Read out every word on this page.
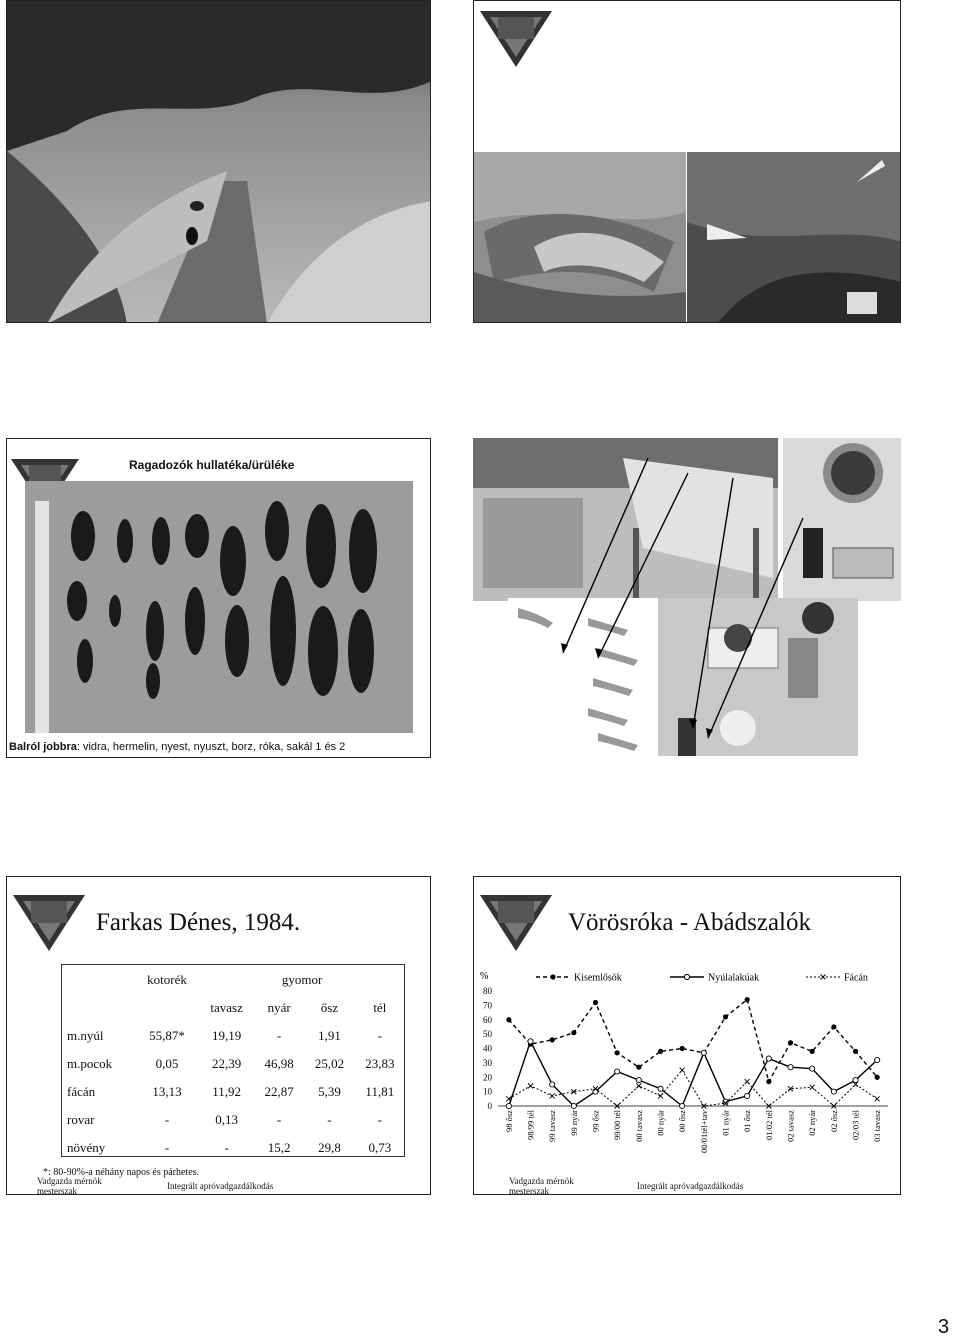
Ragadozók hullatéka/ürüléke
Balról jobbra: vidra, hermelin, nyest, nyuszt, borz, róka, sakál 1 és 2
Farkas Dénes, 1984.
	kotorék	gyomor			
		tavasz	nyár	ősz	tél
m.nyúl	55,87*	19,19	-	1,91	-
m.pocok	0,05	22,39	46,98	25,02	23,83
fácán	13,13	11,92	22,87	5,39	11,81
rovar	-	0,13	-	-	-
növény	-	-	15,2	29,8	0,73
*: 80-90%-a néhány napos és párhetes.
Vadgazda mérnök
mesterszak	Integrált apróvadgazdálkodás
Vörösróka - Abádszalók
%
0
10
20
30
40
50
60
70
80
98 ősz 98/99 tél 99 tavasz 99 nyár 99 ősz 99/00 tél 00 tavasz 00 nyár 00 ősz 00/01tél+tav 01 nyár 01 ősz 01/02 tél 02 tavasz 02 nyár 02 ősz 02/03 tél 03 tavasz
Kisemlősök	Nyúlalakúak	Fácán
Vadgazda mérnök
mesterszak	Integrált apróvadgazdálkodás
3
